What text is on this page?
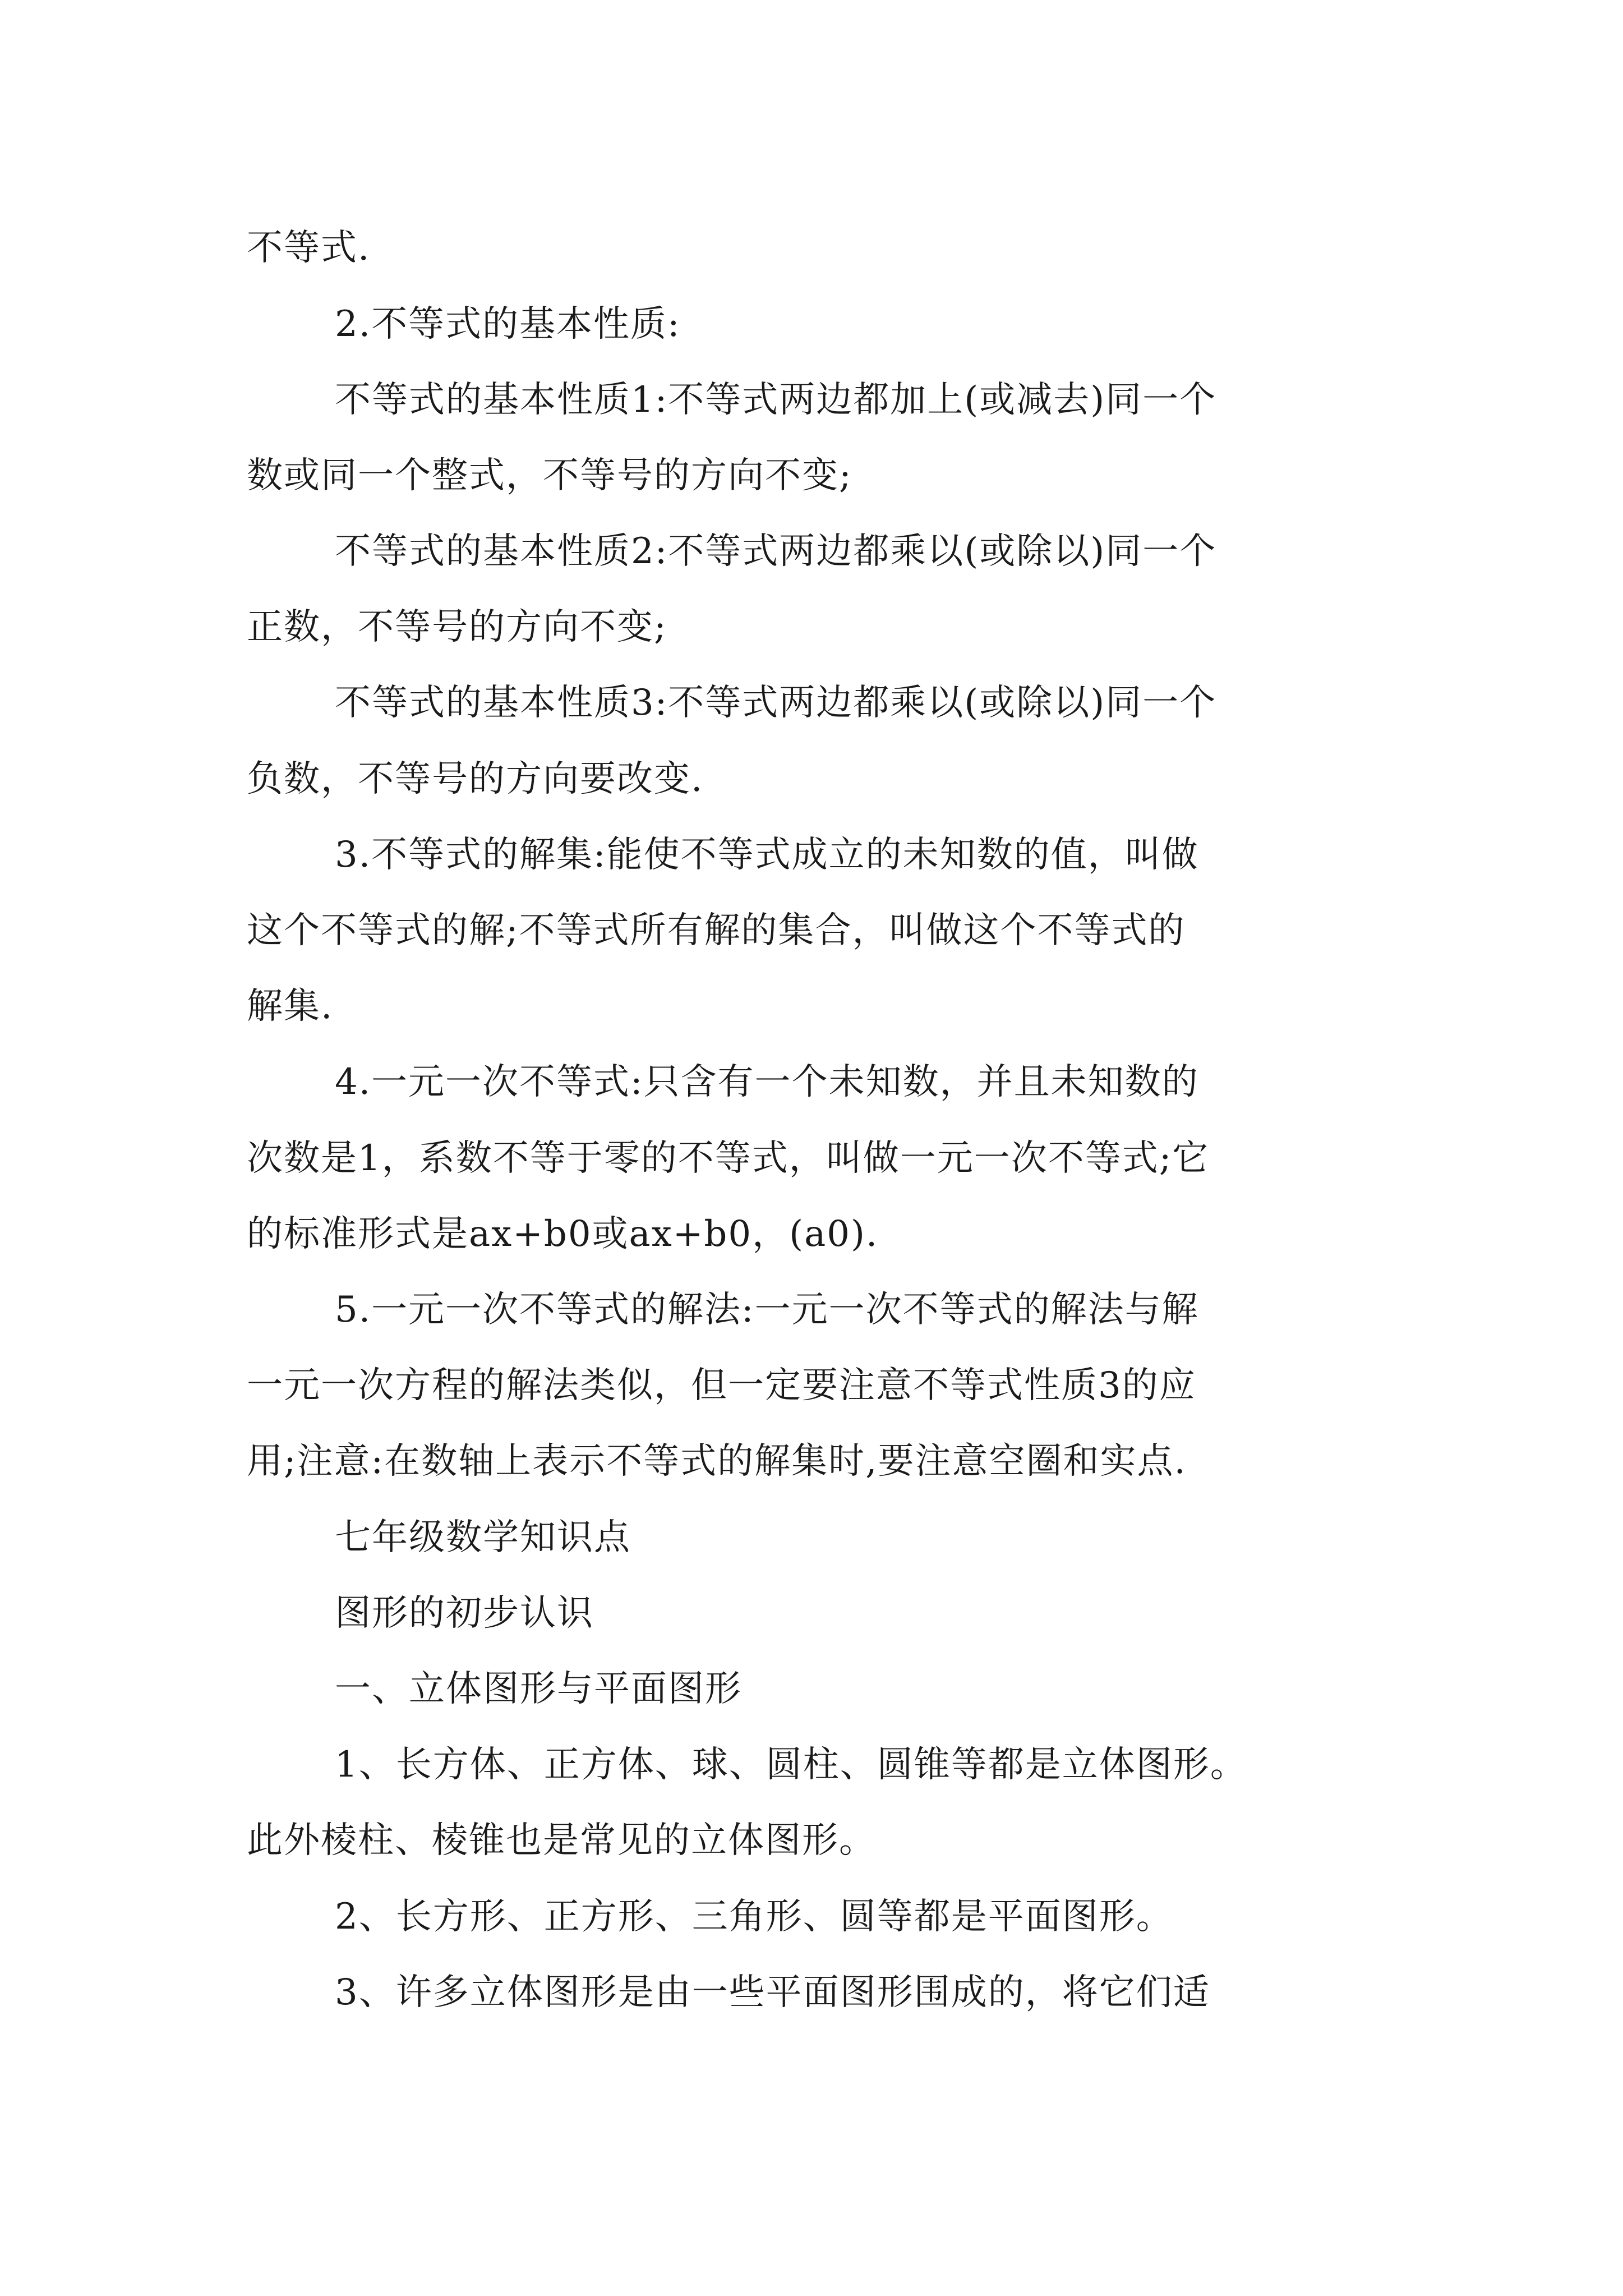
不等式.
2.不等式的基本性质:
不等式的基本性质1:不等式两边都加上(或减去)同一个
数或同一个整式，不等号的方向不变;
不等式的基本性质2:不等式两边都乘以(或除以)同一个
正数，不等号的方向不变;
不等式的基本性质3:不等式两边都乘以(或除以)同一个
负数，不等号的方向要改变.
3.不等式的解集:能使不等式成立的未知数的值，叫做
这个不等式的解;不等式所有解的集合，叫做这个不等式的
解集.
4.一元一次不等式:只含有一个未知数，并且未知数的
次数是1，系数不等于零的不等式，叫做一元一次不等式;它
的标准形式是ax+b0或ax+b0，(a0).
5.一元一次不等式的解法:一元一次不等式的解法与解
一元一次方程的解法类似，但一定要注意不等式性质3的应
用;注意:在数轴上表示不等式的解集时,要注意空圈和实点.
七年级数学知识点
图形的初步认识
一、立体图形与平面图形
1、长方体、正方体、球、圆柱、圆锥等都是立体图形。
此外棱柱、棱锥也是常见的立体图形。
2、长方形、正方形、三角形、圆等都是平面图形。
3、许多立体图形是由一些平面图形围成的，将它们适
